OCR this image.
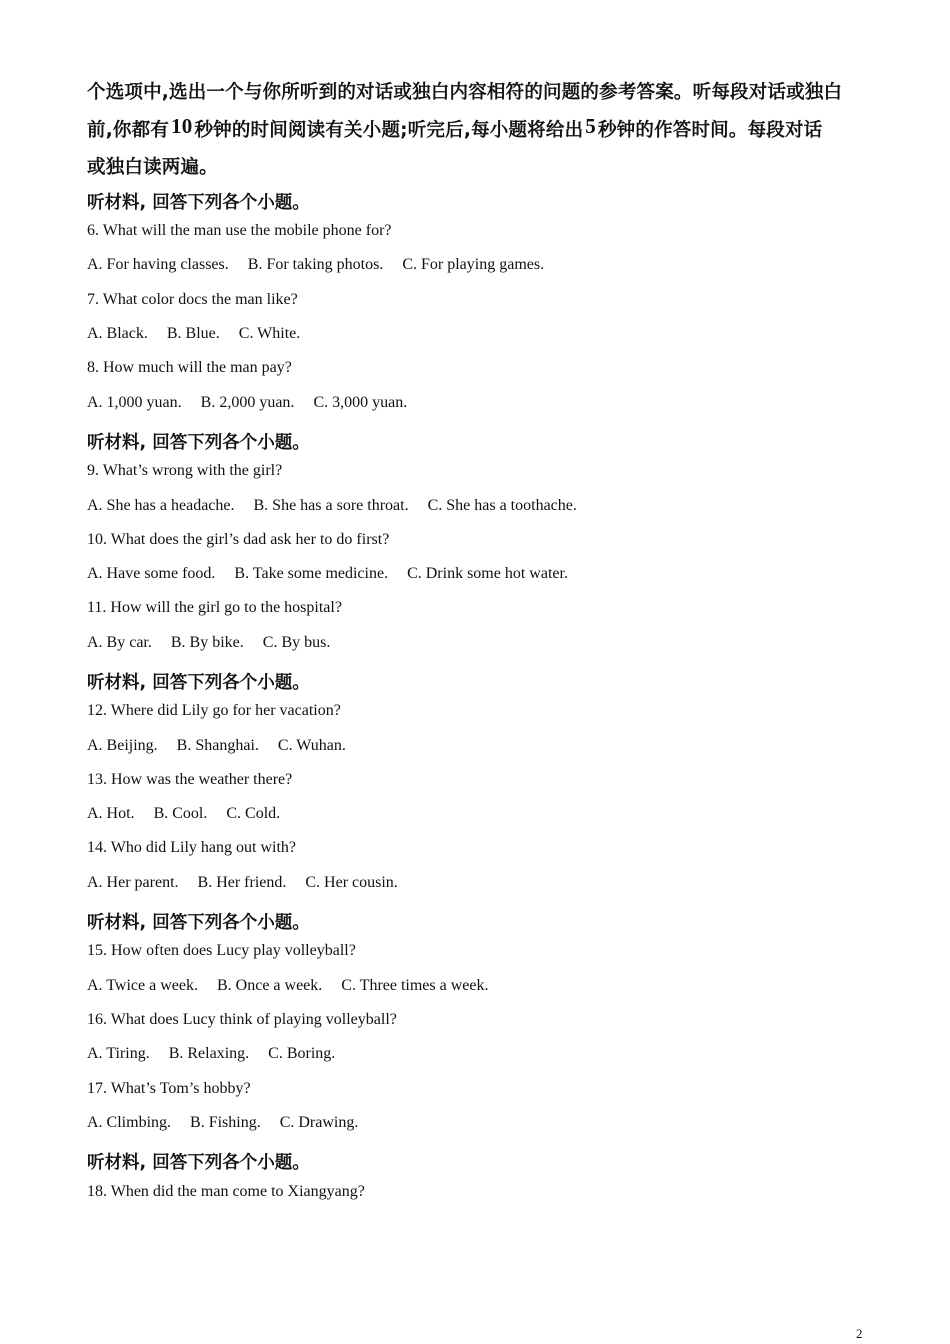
个选项中,选出一个与你所听到的对话或独白内容相符的问题的参考答案。听每段对话或独白
前,你都有10 秒钟的时间阅读有关小题;听完后,每小题将给出5 秒钟的作答时间。每段对话
或独白读两遍。
听材料, 回答下列各个小题。
6. What will the man use the mobile phone for?
A. For having classes. B. For taking photos. C. For playing games.
7. What color docs the man like?
A. Black. B. Blue. C. White.
8. How much will the man pay?
A. 1,000 yuan. B. 2,000 yuan. C. 3,000 yuan.
听材料, 回答下列各个小题。
9. What’s wrong with the girl?
A. She has a headache. B. She has a sore throat. C. She has a toothache.
10. What does the girl’s dad ask her to do first?
A. Have some food. B. Take some medicine. C. Drink some hot water.
11. How will the girl go to the hospital?
A. By car. B. By bike. C. By bus.
听材料, 回答下列各个小题。
12. Where did Lily go for her vacation?
A. Beijing. B. Shanghai. C. Wuhan.
13. How was the weather there?
A. Hot. B. Cool. C. Cold.
14. Who did Lily hang out with?
A. Her parent. B. Her friend. C. Her cousin.
听材料, 回答下列各个小题。
15. How often does Lucy play volleyball?
A. Twice a week. B. Once a week. C. Three times a week.
16. What does Lucy think of playing volleyball?
A. Tiring. B. Relaxing. C. Boring.
17. What’s Tom’s hobby?
A. Climbing. B. Fishing. C. Drawing.
听材料, 回答下列各个小题。
18. When did the man come to Xiangyang?
2
